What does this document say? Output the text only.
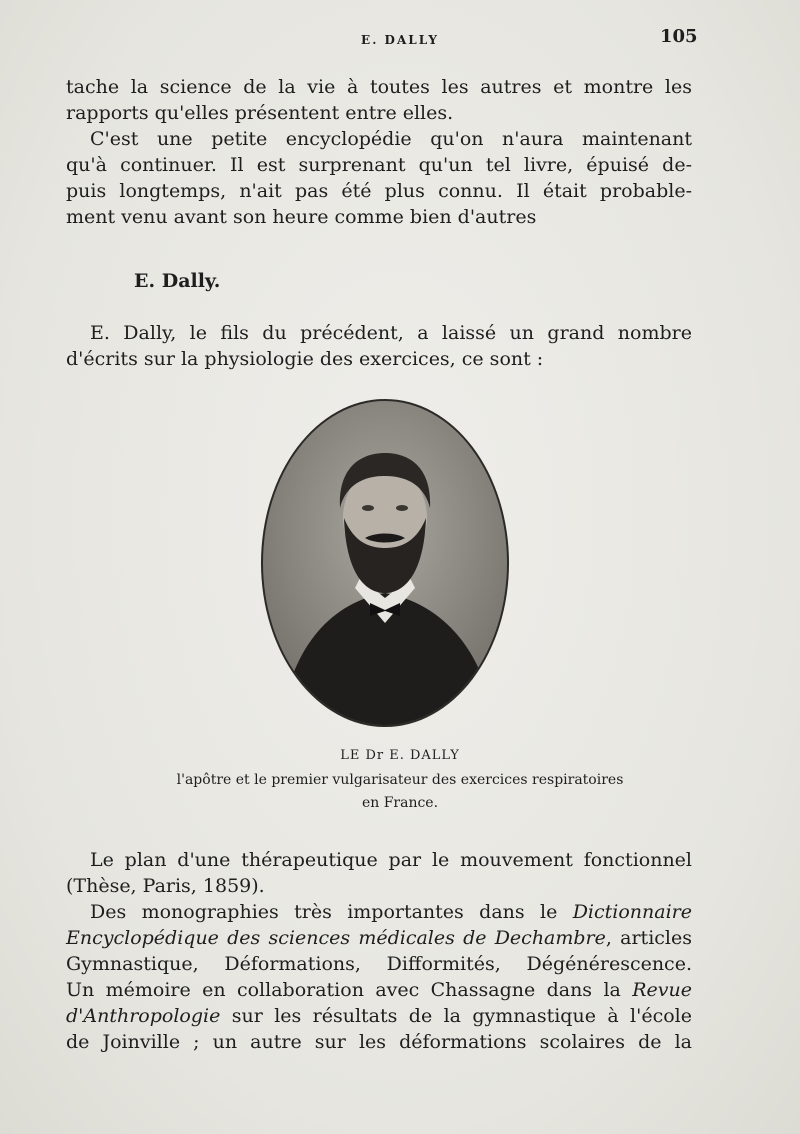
E. DALLY	105
tache la science de la vie à toutes les autres et montre les
rapports qu'elles présentent entre elles.
C'est une petite encyclopédie qu'on n'aura maintenant
qu'à continuer. Il est surprenant qu'un tel livre, épuisé de-
puis longtemps, n'ait pas été plus connu. Il était probable-
ment venu avant son heure comme bien d'autres
E. Dally.
E. Dally, le fils du précédent, a laissé un grand nombre
d'écrits sur la physiologie des exercices, ce sont :
LE Dr E. DALLY
l'apôtre et le premier vulgarisateur des exercices respiratoires
en France.
Le plan d'une thérapeutique par le mouvement fonctionnel
(Thèse, Paris, 1859).
Des monographies très importantes dans le Dictionnaire
Encyclopédique des sciences médicales de Dechambre, articles
Gymnastique, Déformations, Difformités, Dégénérescence.
Un mémoire en collaboration avec Chassagne dans la Revue
d'Anthropologie sur les résultats de la gymnastique à l'école
de Joinville ; un autre sur les déformations scolaires de la
